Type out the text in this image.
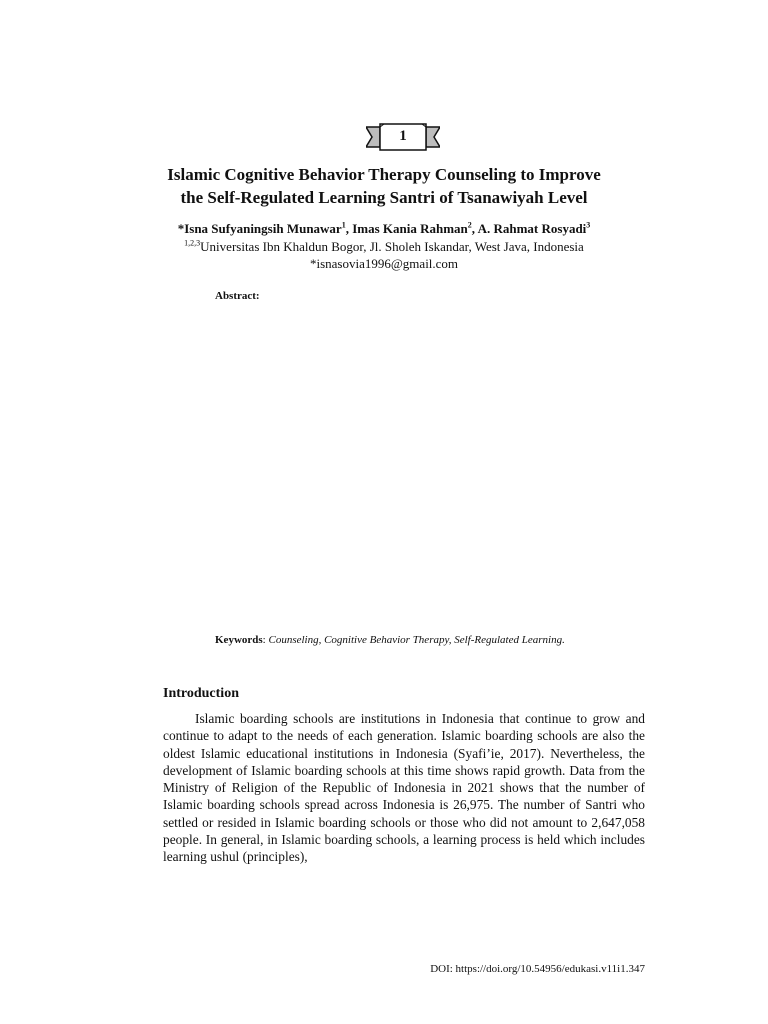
1
Islamic Cognitive Behavior Therapy Counseling to Improve
the Self-Regulated Learning Santri of Tsanawiyah Level
*Isna Sufyaningsih Munawar$^1$, Imas Kania Rahman$^2$, A. Rahmat Rosyadi$^3$
$^{1,2,3}$Universitas Ibn Khaldun Bogor, Jl. Sholeh Iskandar, West Java, Indonesia
*isnasovia1996@gmail.com
Abstract:
Keywords: Counseling, Cognitive Behavior Therapy, Self-Regulated Learning.
Introduction

Islamic boarding schools are institutions in Indonesia that continue to grow and continue to adapt to the needs of each generation. Islamic boarding schools are also the oldest Islamic educational institutions in Indonesia (Syafi’ie, 2017). Nevertheless, the development of Islamic boarding schools at this time shows rapid growth. Data from the Ministry of Religion of the Republic of Indonesia in 2021 shows that the number of Islamic boarding schools spread across Indonesia is 26,975. The number of Santri who settled or resided in Islamic boarding schools or those who did not amount to 2,647,058 people. In general, in Islamic boarding schools, a learning process is held which includes learning ushul (principles),

DOI: https://doi.org/10.54956/edukasi.v11i1.347
